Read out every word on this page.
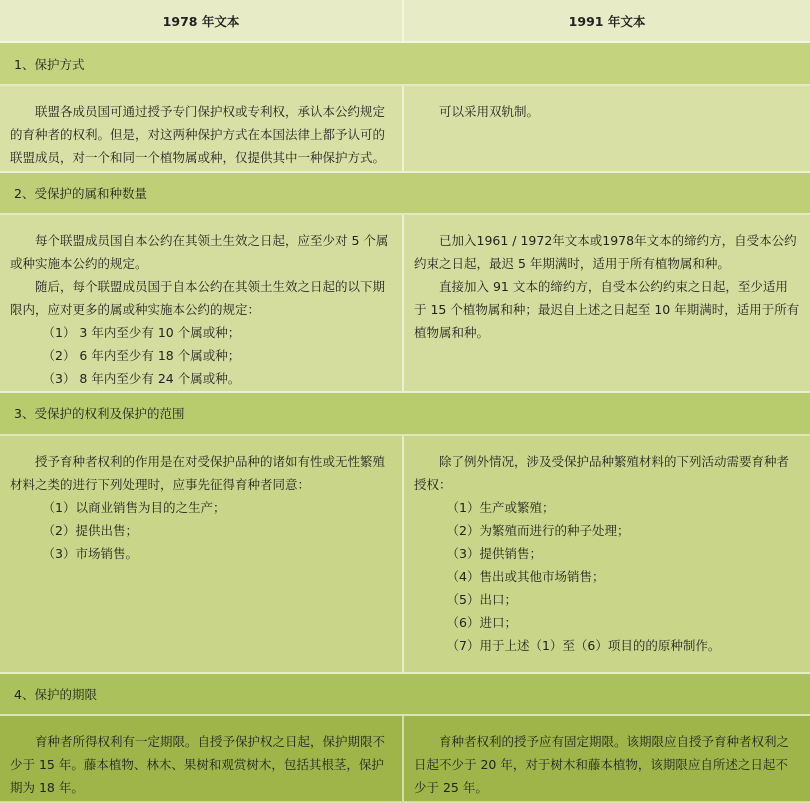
1978 年文本	1991 年文本
1、保护方式

联盟各成员国可通过授予专门保护权或专利权，承认本公约规定的育种者的权利。但是，对这两种保护方式在本国法律上都予认可的联盟成员，对一个和同一个植物属或种，仅提供其中一种保护方式。

可以采用双轨制。

2、受保护的属和种数量

每个联盟成员国自本公约在其领土生效之日起，应至少对 5 个属或种实施本公约的规定。

随后，每个联盟成员国于自本公约在其领土生效之日起的以下期限内，应对更多的属或种实施本公约的规定：

（1） 3 年内至少有 10 个属或种；

（2） 6 年内至少有 18 个属或种；

（3） 8 年内至少有 24 个属或种。

已加入1961 / 1972年文本或1978年文本的缔约方，自受本公约约束之日起，最迟 5 年期满时，适用于所有植物属和种。

直接加入 91 文本的缔约方，自受本公约约束之日起，至少适用于 15 个植物属和种；最迟自上述之日起至 10 年期满时，适用于所有植物属和种。

3、受保护的权利及保护的范围

授予育种者权利的作用是在对受保护品种的诸如有性或无性繁殖材料之类的进行下列处理时，应事先征得育种者同意：

（1）以商业销售为目的之生产；

（2）提供出售；

（3）市场销售。

除了例外情况，涉及受保护品种繁殖材料的下列活动需要育种者授权：

（1）生产或繁殖；

（2）为繁殖而进行的种子处理；

（3）提供销售；

（4）售出或其他市场销售；

（5）出口；

（6）进口；

（7）用于上述（1）至（6）项目的的原种制作。

4、保护的期限

育种者所得权利有一定期限。自授予保护权之日起，保护期限不少于 15 年。藤本植物、林木、果树和观赏树木，包括其根茎，保护期为 18 年。

育种者权利的授予应有固定期限。该期限应自授予育种者权利之日起不少于 20 年，对于树木和藤本植物，该期限应自所述之日起不少于 25 年。
